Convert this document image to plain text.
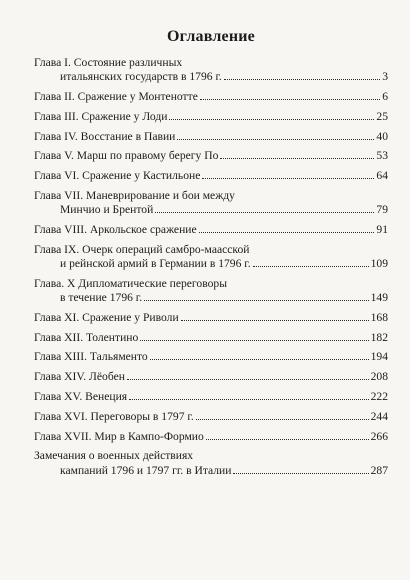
Оглавление
Глава I. Состояние различных
итальянских государств в 1796 г.	3
Глава II. Сражение у Монтенотте	6
Глава III. Сражение у Лоди	25
Глава IV. Восстание в Павии	40
Глава V. Марш по правому берегу По	53
Глава VI. Сражение у Кастильоне	64
Глава VII. Маневрирование и бои между
Минчио и Брентой	79
Глава VIII. Аркольское сражение	91
Глава IX. Очерк операций самбро-маасской
и рейнской армий в Германии в 1796 г.	109
Глава. X Дипломатические переговоры
в течение 1796 г.	149
Глава XI. Сражение у Риволи	168
Глава XII. Толентино	182
Глава XIII. Тальяменто	194
Глава XIV. Лёобен	208
Глава XV. Венеция	222
Глава XVI. Переговоры в 1797 г.	244
Глава XVII. Мир в Кампо-Формио	266
Замечания о военных действиях
кампаний 1796 и 1797 гг. в Италии	287
